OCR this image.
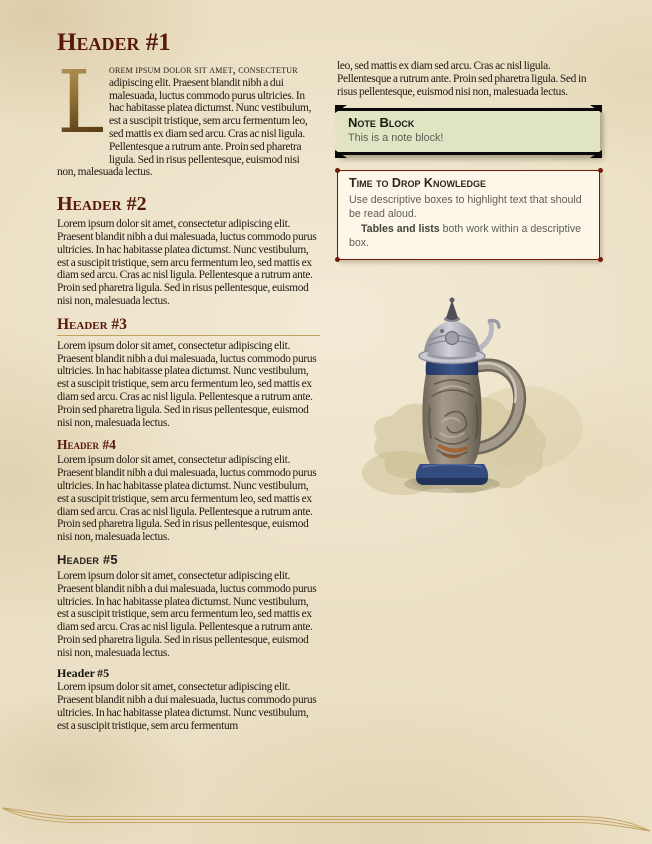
Header #1

L
orem ipsum dolor sit amet, consectetur adipiscing elit. Praesent blandit nibh a dui malesuada, luctus commodo purus ultricies. In hac habitasse platea dictumst. Nunc vestibulum, est a suscipit tristique, sem arcu fermentum leo, sed mattis ex diam sed arcu. Cras ac nisl ligula. Pellentesque a rutrum ante. Proin sed pharetra ligula. Sed in risus pellentesque, euismod nisi non, malesuada lectus.

Header #2

Lorem ipsum dolor sit amet, consectetur adipiscing elit. Praesent blandit nibh a dui malesuada, luctus commodo purus ultricies. In hac habitasse platea dictumst. Nunc vestibulum, est a suscipit tristique, sem arcu fermentum leo, sed mattis ex diam sed arcu. Cras ac nisl ligula. Pellentesque a rutrum ante. Proin sed pharetra ligula. Sed in risus pellentesque, euismod nisi non, malesuada lectus.

Header #3

Lorem ipsum dolor sit amet, consectetur adipiscing elit. Praesent blandit nibh a dui malesuada, luctus commodo purus ultricies. In hac habitasse platea dictumst. Nunc vestibulum, est a suscipit tristique, sem arcu fermentum leo, sed mattis ex diam sed arcu. Cras ac nisl ligula. Pellentesque a rutrum ante. Proin sed pharetra ligula. Sed in risus pellentesque, euismod nisi non, malesuada lectus.

Header #4

Lorem ipsum dolor sit amet, consectetur adipiscing elit. Praesent blandit nibh a dui malesuada, luctus commodo purus ultricies. In hac habitasse platea dictumst. Nunc vestibulum, est a suscipit tristique, sem arcu fermentum leo, sed mattis ex diam sed arcu. Cras ac nisl ligula. Pellentesque a rutrum ante. Proin sed pharetra ligula. Sed in risus pellentesque, euismod nisi non, malesuada lectus.

Header #5

Lorem ipsum dolor sit amet, consectetur adipiscing elit. Praesent blandit nibh a dui malesuada, luctus commodo purus ultricies. In hac habitasse platea dictumst. Nunc vestibulum, est a suscipit tristique, sem arcu fermentum leo, sed mattis ex diam sed arcu. Cras ac nisl ligula. Pellentesque a rutrum ante. Proin sed pharetra ligula. Sed in risus pellentesque, euismod nisi non, malesuada lectus.

Header #5

Lorem ipsum dolor sit amet, consectetur adipiscing elit. Praesent blandit nibh a dui malesuada, luctus commodo purus ultricies. In hac habitasse platea dictumst. Nunc vestibulum, est a suscipit tristique, sem arcu fermentum

leo, sed mattis ex diam sed arcu. Cras ac nisl ligula. Pellentesque a rutrum ante. Proin sed pharetra ligula. Sed in risus pellentesque, euismod nisi non, malesuada lectus.

Note Block

This is a note block!

Time to Drop Knowledge

Use descriptive boxes to highlight text that should be read aloud.

Tables and lists both work within a descriptive box.
